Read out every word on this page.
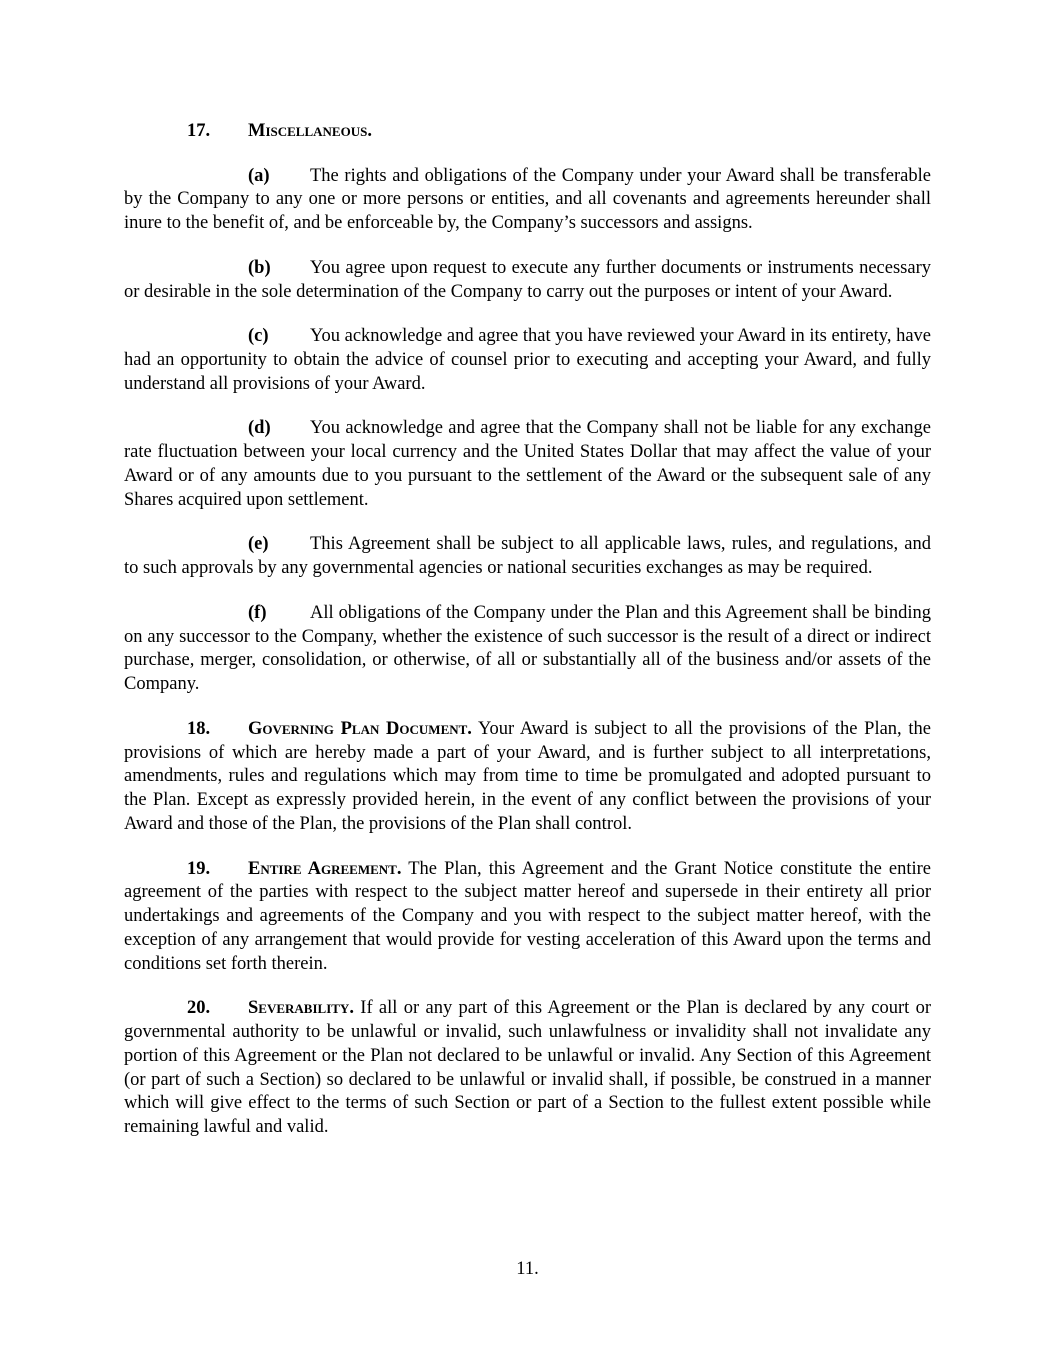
17. Miscellaneous.

(a) The rights and obligations of the Company under your Award shall be transferable by the Company to any one or more persons or entities, and all covenants and agreements hereunder shall inure to the benefit of, and be enforceable by, the Company’s successors and assigns.

(b) You agree upon request to execute any further documents or instruments necessary or desirable in the sole determination of the Company to carry out the purposes or intent of your Award.

(c) You acknowledge and agree that you have reviewed your Award in its entirety, have had an opportunity to obtain the advice of counsel prior to executing and accepting your Award, and fully understand all provisions of your Award.

(d) You acknowledge and agree that the Company shall not be liable for any exchange rate fluctuation between your local currency and the United States Dollar that may affect the value of your Award or of any amounts due to you pursuant to the settlement of the Award or the subsequent sale of any Shares acquired upon settlement.

(e) This Agreement shall be subject to all applicable laws, rules, and regulations, and to such approvals by any governmental agencies or national securities exchanges as may be required.

(f) All obligations of the Company under the Plan and this Agreement shall be binding on any successor to the Company, whether the existence of such successor is the result of a direct or indirect purchase, merger, consolidation, or otherwise, of all or substantially all of the business and/or assets of the Company.

18. Governing Plan Document. Your Award is subject to all the provisions of the Plan, the provisions of which are hereby made a part of your Award, and is further subject to all interpretations, amendments, rules and regulations which may from time to time be promulgated and adopted pursuant to the Plan. Except as expressly provided herein, in the event of any conflict between the provisions of your Award and those of the Plan, the provisions of the Plan shall control.

19. Entire Agreement. The Plan, this Agreement and the Grant Notice constitute the entire agreement of the parties with respect to the subject matter hereof and supersede in their entirety all prior undertakings and agreements of the Company and you with respect to the subject matter hereof, with the exception of any arrangement that would provide for vesting acceleration of this Award upon the terms and conditions set forth therein.

20. Severability. If all or any part of this Agreement or the Plan is declared by any court or governmental authority to be unlawful or invalid, such unlawfulness or invalidity shall not invalidate any portion of this Agreement or the Plan not declared to be unlawful or invalid. Any Section of this Agreement (or part of such a Section) so declared to be unlawful or invalid shall, if possible, be construed in a manner which will give effect to the terms of such Section or part of a Section to the fullest extent possible while remaining lawful and valid.

11.
